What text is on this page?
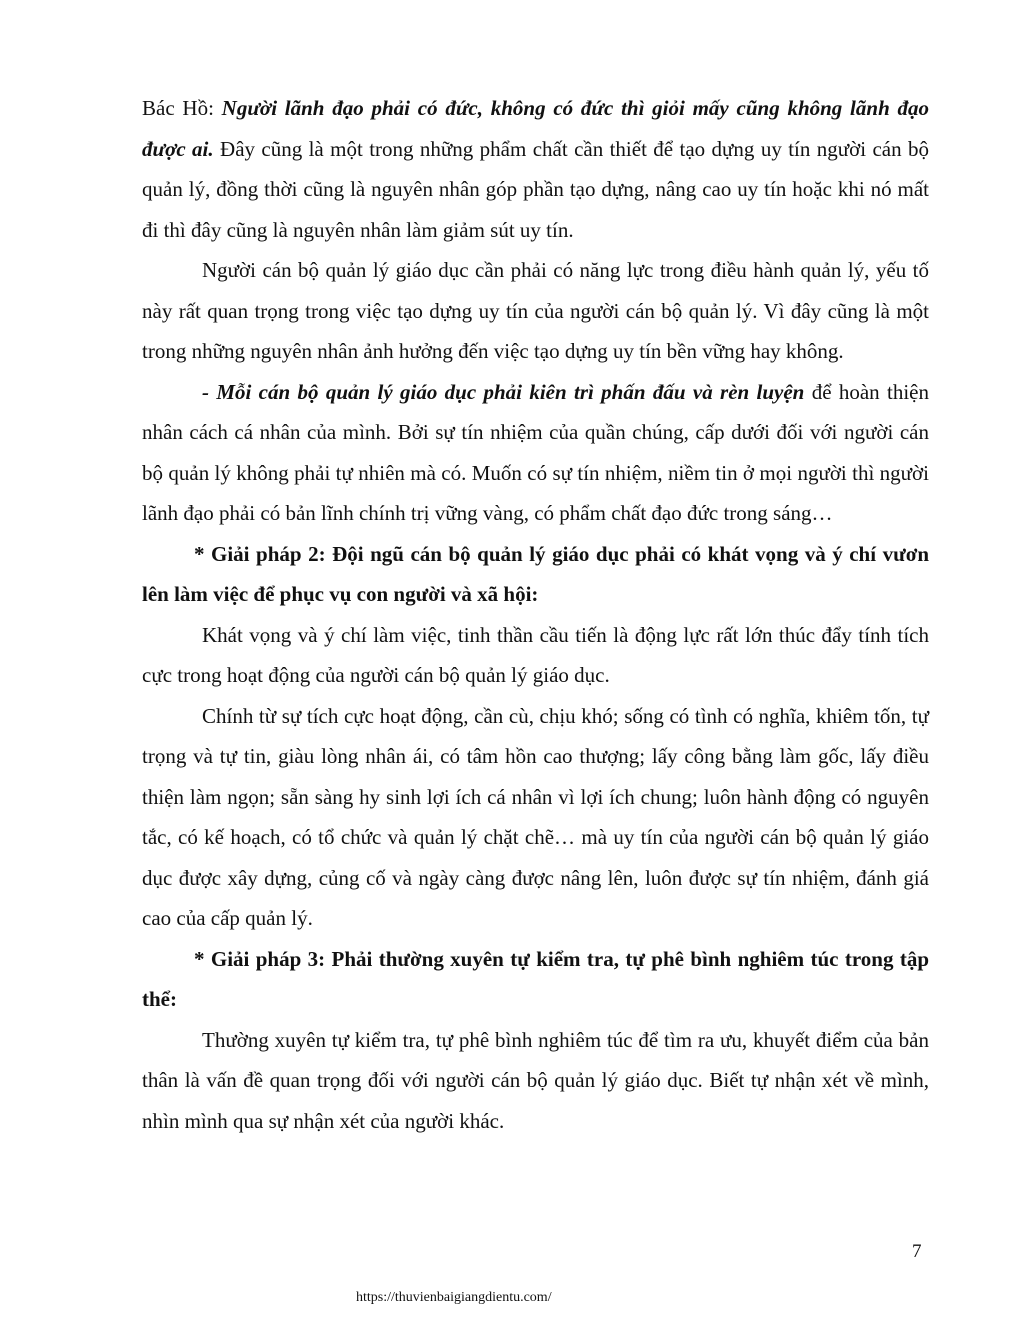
Bác Hồ: Người lãnh đạo phải có đức, không có đức thì giỏi mấy cũng không lãnh đạo được ai. Đây cũng là một trong những phẩm chất cần thiết để tạo dựng uy tín người cán bộ quản lý, đồng thời cũng là nguyên nhân góp phần tạo dựng, nâng cao uy tín hoặc khi nó mất đi thì đây cũng là nguyên nhân làm giảm sút uy tín.

Người cán bộ quản lý giáo dục cần phải có năng lực trong điều hành quản lý, yếu tố này rất quan trọng trong việc tạo dựng uy tín của người cán bộ quản lý. Vì đây cũng là một trong những nguyên nhân ảnh hưởng đến việc tạo dựng uy tín bền vững hay không.

- Mỗi cán bộ quản lý giáo dục phải kiên trì phấn đấu và rèn luyện để hoàn thiện nhân cách cá nhân của mình. Bởi sự tín nhiệm của quần chúng, cấp dưới đối với người cán bộ quản lý không phải tự nhiên mà có. Muốn có sự tín nhiệm, niềm tin ở mọi người thì người lãnh đạo phải có bản lĩnh chính trị vững vàng, có phẩm chất đạo đức trong sáng…

* Giải pháp 2: Đội ngũ cán bộ quản lý giáo dục phải có khát vọng và ý chí vươn lên làm việc để phục vụ con người và xã hội:

Khát vọng và ý chí làm việc, tinh thần cầu tiến là động lực rất lớn thúc đẩy tính tích cực trong hoạt động của người cán bộ quản lý giáo dục.

Chính từ sự tích cực hoạt động, cần cù, chịu khó; sống có tình có nghĩa, khiêm tốn, tự trọng và tự tin, giàu lòng nhân ái, có tâm hồn cao thượng; lấy công bằng làm gốc, lấy điều thiện làm ngọn; sẵn sàng hy sinh lợi ích cá nhân vì lợi ích chung; luôn hành động có nguyên tắc, có kế hoạch, có tổ chức và quản lý chặt chẽ… mà uy tín của người cán bộ quản lý giáo dục được xây dựng, củng cố và ngày càng được nâng lên, luôn được sự tín nhiệm, đánh giá cao của cấp quản lý.

* Giải pháp 3: Phải thường xuyên tự kiểm tra, tự phê bình nghiêm túc trong tập thể:

Thường xuyên tự kiểm tra, tự phê bình nghiêm túc để tìm ra ưu, khuyết điểm của bản thân là vấn đề quan trọng đối với người cán bộ quản lý giáo dục. Biết tự nhận xét về mình, nhìn mình qua sự nhận xét của người khác.

7
https://thuvienbaigiangdientu.com/
